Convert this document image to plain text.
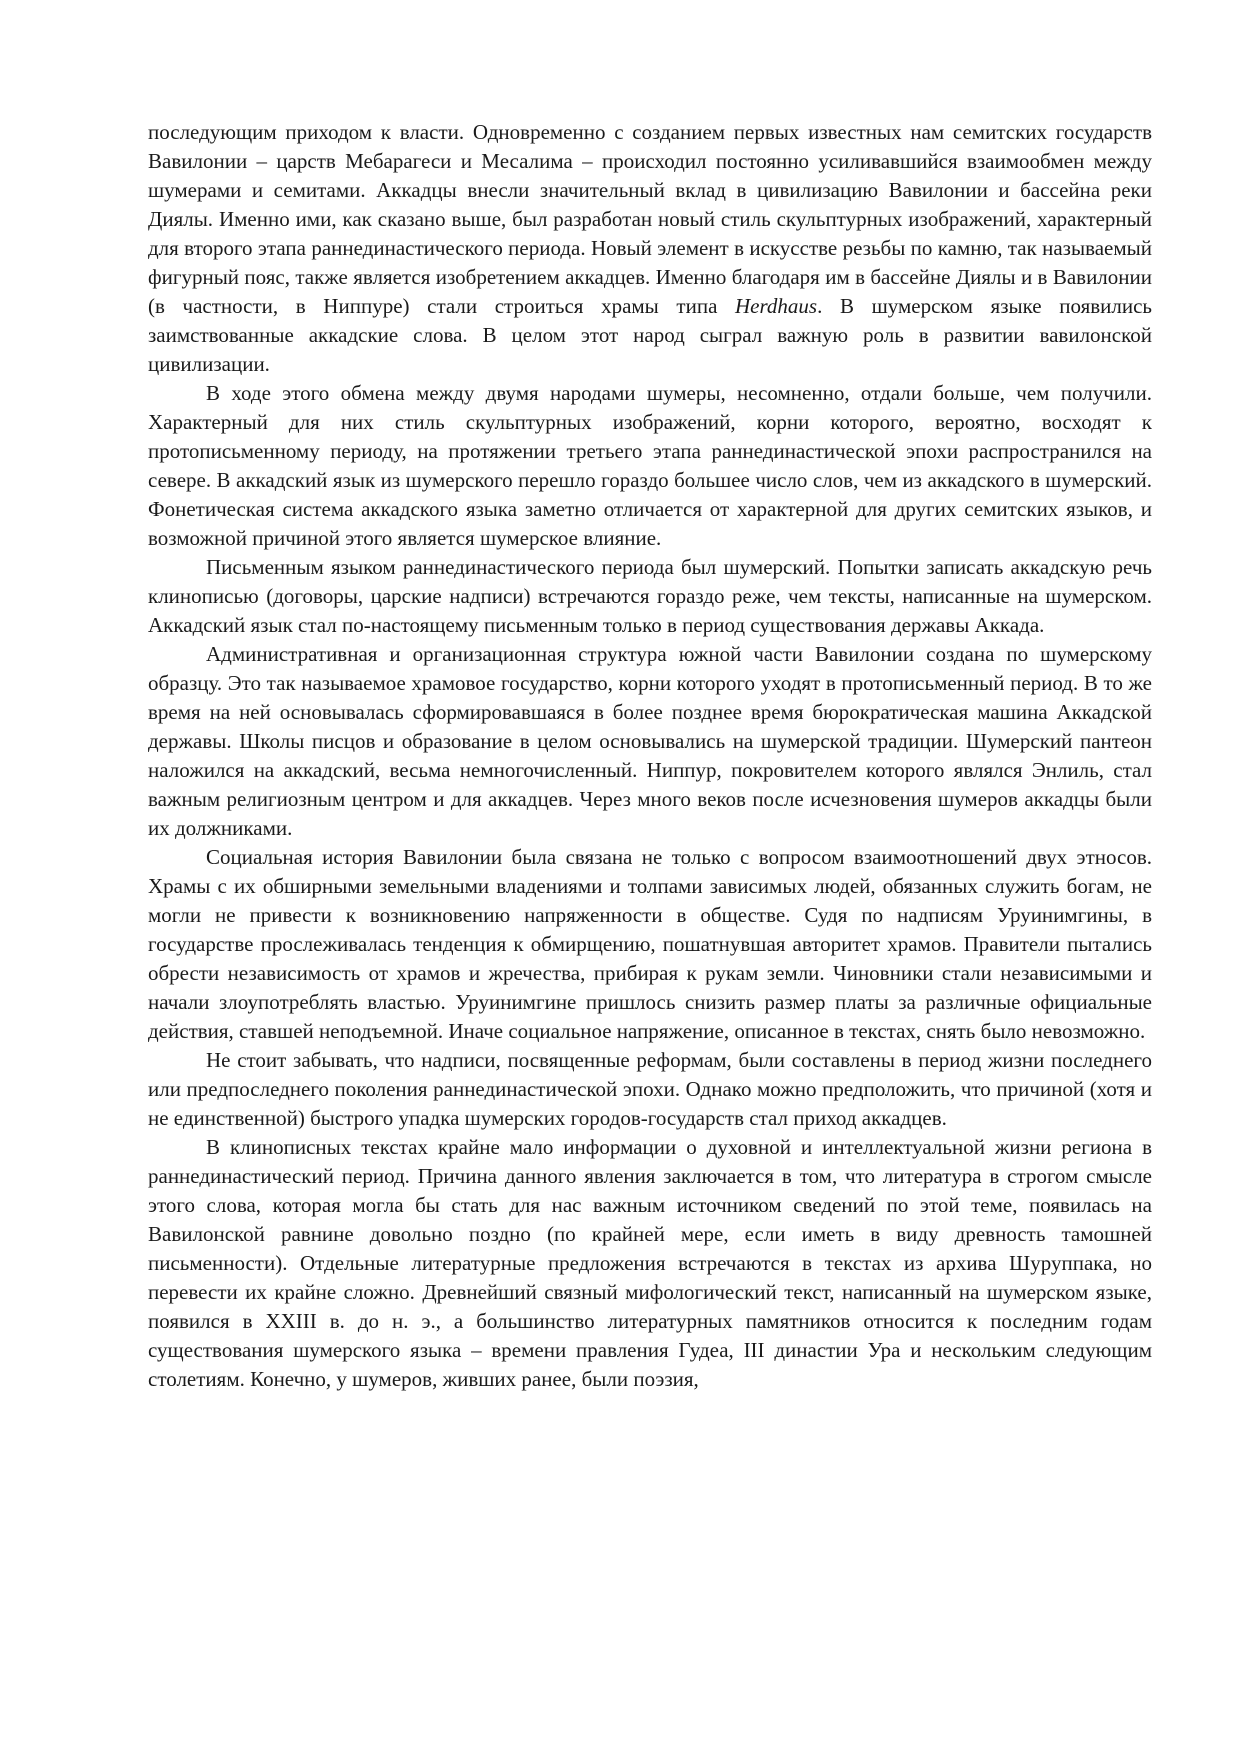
последующим приходом к власти. Одновременно с созданием первых известных нам семитских государств Вавилонии – царств Мебарагеси и Месалима – происходил постоянно усиливавшийся взаимообмен между шумерами и семитами. Аккадцы внесли значительный вклад в цивилизацию Вавилонии и бассейна реки Диялы. Именно ими, как сказано выше, был разработан новый стиль скульптурных изображений, характерный для второго этапа раннединастического периода. Новый элемент в искусстве резьбы по камню, так называемый фигурный пояс, также является изобретением аккадцев. Именно благодаря им в бассейне Диялы и в Вавилонии (в частности, в Ниппуре) стали строиться храмы типа Herdhaus. В шумерском языке появились заимствованные аккадские слова. В целом этот народ сыграл важную роль в развитии вавилонской цивилизации.

В ходе этого обмена между двумя народами шумеры, несомненно, отдали больше, чем получили. Характерный для них стиль скульптурных изображений, корни которого, вероятно, восходят к протописьменному периоду, на протяжении третьего этапа раннединастической эпохи распространился на севере. В аккадский язык из шумерского перешло гораздо большее число слов, чем из аккадского в шумерский. Фонетическая система аккадского языка заметно отличается от характерной для других семитских языков, и возможной причиной этого является шумерское влияние.

Письменным языком раннединастического периода был шумерский. Попытки записать аккадскую речь клинописью (договоры, царские надписи) встречаются гораздо реже, чем тексты, написанные на шумерском. Аккадский язык стал по-настоящему письменным только в период существования державы Аккада.

Административная и организационная структура южной части Вавилонии создана по шумерскому образцу. Это так называемое храмовое государство, корни которого уходят в протописьменный период. В то же время на ней основывалась сформировавшаяся в более позднее время бюрократическая машина Аккадской державы. Школы писцов и образование в целом основывались на шумерской традиции. Шумерский пантеон наложился на аккадский, весьма немногочисленный. Ниппур, покровителем которого являлся Энлиль, стал важным религиозным центром и для аккадцев. Через много веков после исчезновения шумеров аккадцы были их должниками.

Социальная история Вавилонии была связана не только с вопросом взаимоотношений двух этносов. Храмы с их обширными земельными владениями и толпами зависимых людей, обязанных служить богам, не могли не привести к возникновению напряженности в обществе. Судя по надписям Уруинимгины, в государстве прослеживалась тенденция к обмирщению, пошатнувшая авторитет храмов. Правители пытались обрести независимость от храмов и жречества, прибирая к рукам земли. Чиновники стали независимыми и начали злоупотреблять властью. Уруинимгине пришлось снизить размер платы за различные официальные действия, ставшей неподъемной. Иначе социальное напряжение, описанное в текстах, снять было невозможно.

Не стоит забывать, что надписи, посвященные реформам, были составлены в период жизни последнего или предпоследнего поколения раннединастической эпохи. Однако можно предположить, что причиной (хотя и не единственной) быстрого упадка шумерских городов-государств стал приход аккадцев.

В клинописных текстах крайне мало информации о духовной и интеллектуальной жизни региона в раннединастический период. Причина данного явления заключается в том, что литература в строгом смысле этого слова, которая могла бы стать для нас важным источником сведений по этой теме, появилась на Вавилонской равнине довольно поздно (по крайней мере, если иметь в виду древность тамошней письменности). Отдельные литературные предложения встречаются в текстах из архива Шуруппака, но перевести их крайне сложно. Древнейший связный мифологический текст, написанный на шумерском языке, появился в XXIII в. до н. э., а большинство литературных памятников относится к последним годам существования шумерского языка – времени правления Гудеа, III династии Ура и нескольким следующим столетиям. Конечно, у шумеров, живших ранее, были поэзия,
